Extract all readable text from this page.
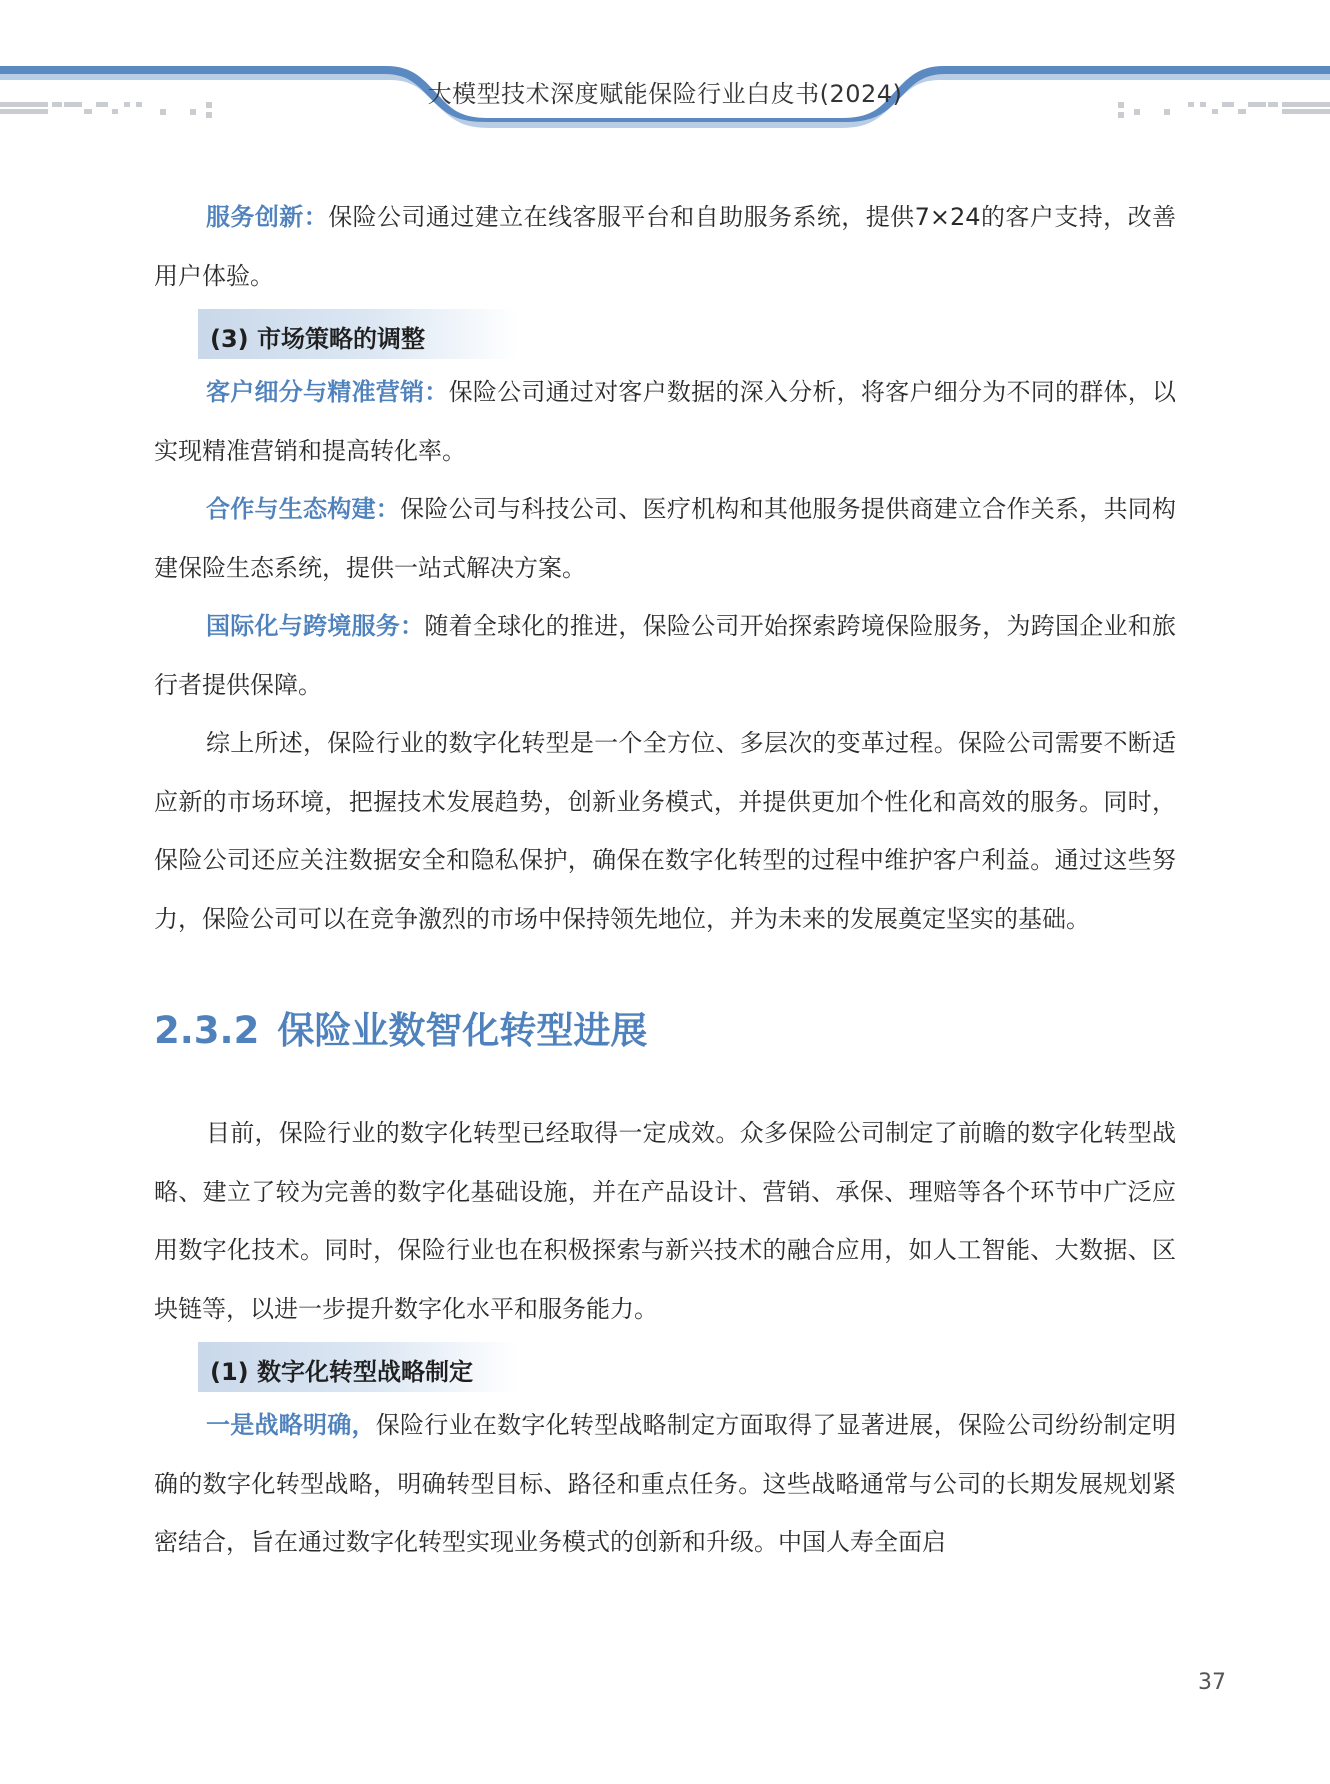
大模型技术深度赋能保险行业白皮书(2024)

服务创新：保险公司通过建立在线客服平台和自助服务系统，提供7×24的客户支持，改善用户体验。

(3) 市场策略的调整

客户细分与精准营销：保险公司通过对客户数据的深入分析，将客户细分为不同的群体，以实现精准营销和提高转化率。

合作与生态构建：保险公司与科技公司、医疗机构和其他服务提供商建立合作关系，共同构建保险生态系统，提供一站式解决方案。

国际化与跨境服务：随着全球化的推进，保险公司开始探索跨境保险服务，为跨国企业和旅行者提供保障。

综上所述，保险行业的数字化转型是一个全方位、多层次的变革过程。保险公司需要不断适应新的市场环境，把握技术发展趋势，创新业务模式，并提供更加个性化和高效的服务。同时，保险公司还应关注数据安全和隐私保护，确保在数字化转型的过程中维护客户利益。通过这些努力，保险公司可以在竞争激烈的市场中保持领先地位，并为未来的发展奠定坚实的基础。

2.3.2 保险业数智化转型进展

目前，保险行业的数字化转型已经取得一定成效。众多保险公司制定了前瞻的数字化转型战略、建立了较为完善的数字化基础设施，并在产品设计、营销、承保、理赔等各个环节中广泛应用数字化技术。同时，保险行业也在积极探索与新兴技术的融合应用，如人工智能、大数据、区块链等，以进一步提升数字化水平和服务能力。

(1) 数字化转型战略制定

一是战略明确，保险行业在数字化转型战略制定方面取得了显著进展，保险公司纷纷制定明确的数字化转型战略，明确转型目标、路径和重点任务。这些战略通常与公司的长期发展规划紧密结合，旨在通过数字化转型实现业务模式的创新和升级。中国人寿全面启

37
